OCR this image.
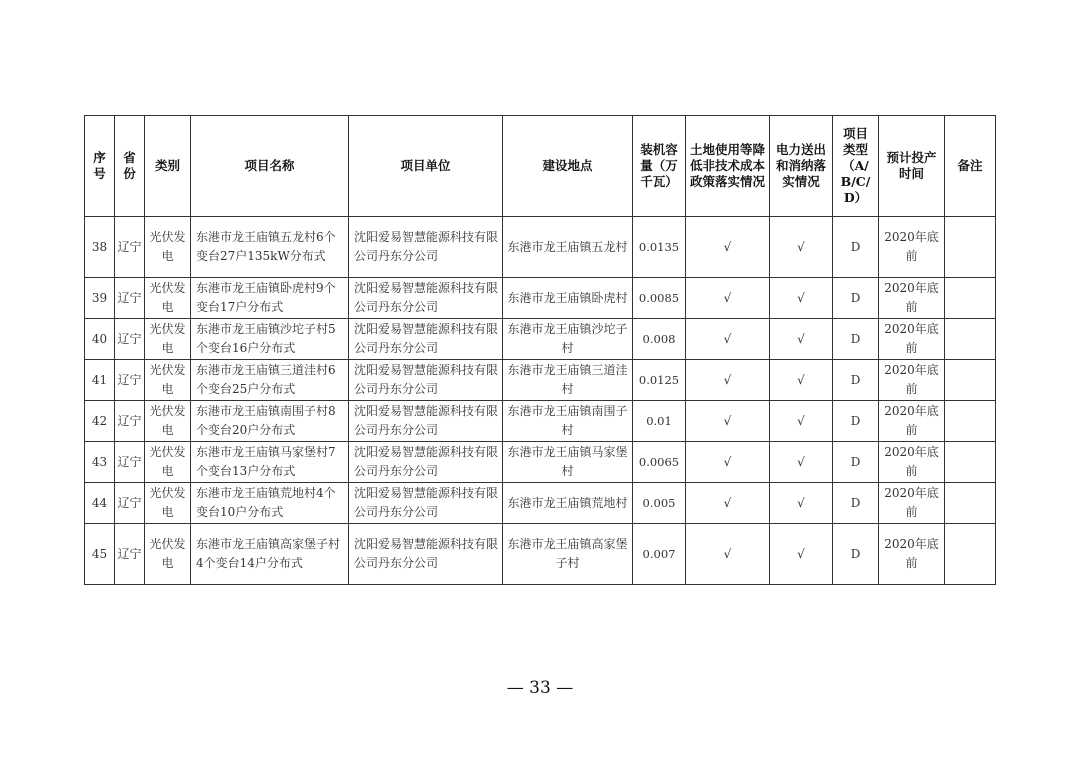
序号	省份	类别	项目名称	项目单位	建设地点	装机容量（万千瓦）	土地使用等降低非技术成本政策落实情况	电力送出和消纳落实情况	项目类型（A/B/C/D）	预计投产时间	备注

38	辽宁	光伏发电	东港市龙王庙镇五龙村6个变台27户135kW分布式	沈阳爱易智慧能源科技有限公司丹东分公司	东港市龙王庙镇五龙村	0.0135	√	√	D	2020年底前	
39	辽宁	光伏发电	东港市龙王庙镇卧虎村9个变台17户分布式	沈阳爱易智慧能源科技有限公司丹东分公司	东港市龙王庙镇卧虎村	0.0085	√	√	D	2020年底前	
40	辽宁	光伏发电	东港市龙王庙镇沙坨子村5个变台16户分布式	沈阳爱易智慧能源科技有限公司丹东分公司	东港市龙王庙镇沙坨子村	0.008	√	√	D	2020年底前	
41	辽宁	光伏发电	东港市龙王庙镇三道洼村6个变台25户分布式	沈阳爱易智慧能源科技有限公司丹东分公司	东港市龙王庙镇三道洼村	0.0125	√	√	D	2020年底前	
42	辽宁	光伏发电	东港市龙王庙镇南围子村8个变台20户分布式	沈阳爱易智慧能源科技有限公司丹东分公司	东港市龙王庙镇南围子村	0.01	√	√	D	2020年底前	
43	辽宁	光伏发电	东港市龙王庙镇马家堡村7个变台13户分布式	沈阳爱易智慧能源科技有限公司丹东分公司	东港市龙王庙镇马家堡村	0.0065	√	√	D	2020年底前	
44	辽宁	光伏发电	东港市龙王庙镇荒地村4个变台10户分布式	沈阳爱易智慧能源科技有限公司丹东分公司	东港市龙王庙镇荒地村	0.005	√	√	D	2020年底前	
45	辽宁	光伏发电	东港市龙王庙镇高家堡子村4个变台14户分布式	沈阳爱易智慧能源科技有限公司丹东分公司	东港市龙王庙镇高家堡子村	0.007	√	√	D	2020年底前	
— 33 —
